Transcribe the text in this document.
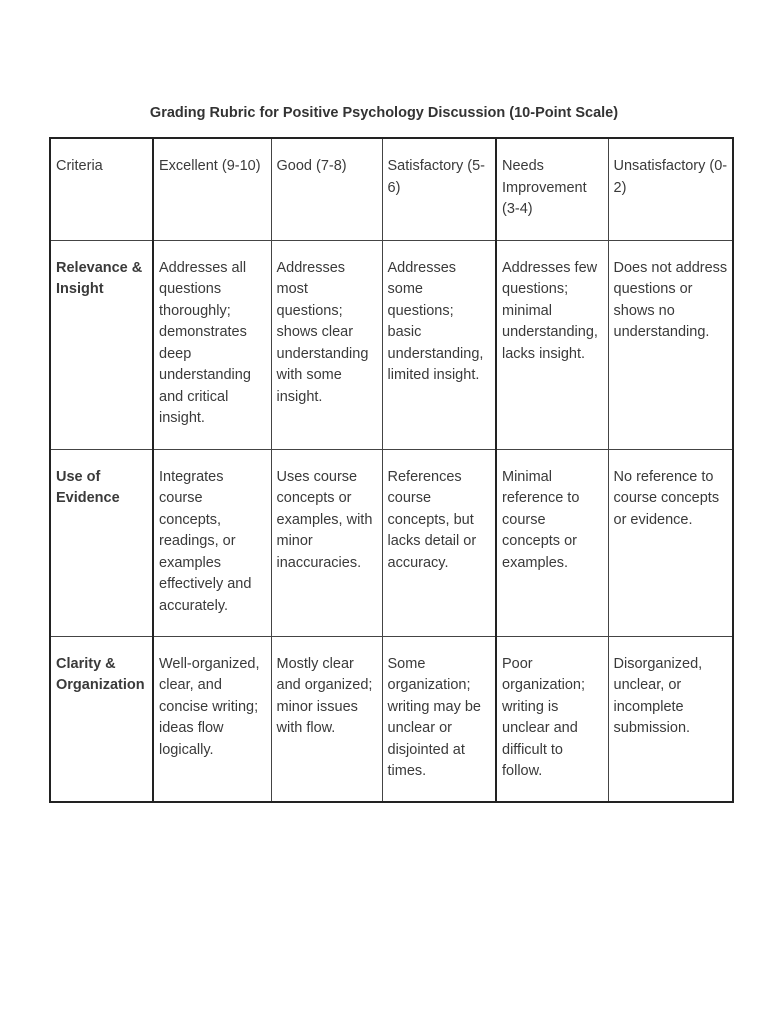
Grading Rubric for Positive Psychology Discussion (10-Point Scale)
Criteria	Excellent (9-10)	Good (7-8)	Satisfactory (5-6)	Needs Improvement (3-4)	Unsatisfactory (0-2)
Relevance & Insight	Addresses all questions thoroughly; demonstrates deep understanding and critical insight.	Addresses most questions; shows clear understanding with some insight.	Addresses some questions; basic understanding, limited insight.	Addresses few questions; minimal understanding, lacks insight.	Does not address questions or shows no understanding.
Use of Evidence	Integrates course concepts, readings, or examples effectively and accurately.	Uses course concepts or examples, with minor inaccuracies.	References course concepts, but lacks detail or accuracy.	Minimal reference to course concepts or examples.	No reference to course concepts or evidence.
Clarity & Organization	Well-organized, clear, and concise writing; ideas flow logically.	Mostly clear and organized; minor issues with flow.	Some organization; writing may be unclear or disjointed at times.	Poor organization; writing is unclear and difficult to follow.	Disorganized, unclear, or incomplete submission.
